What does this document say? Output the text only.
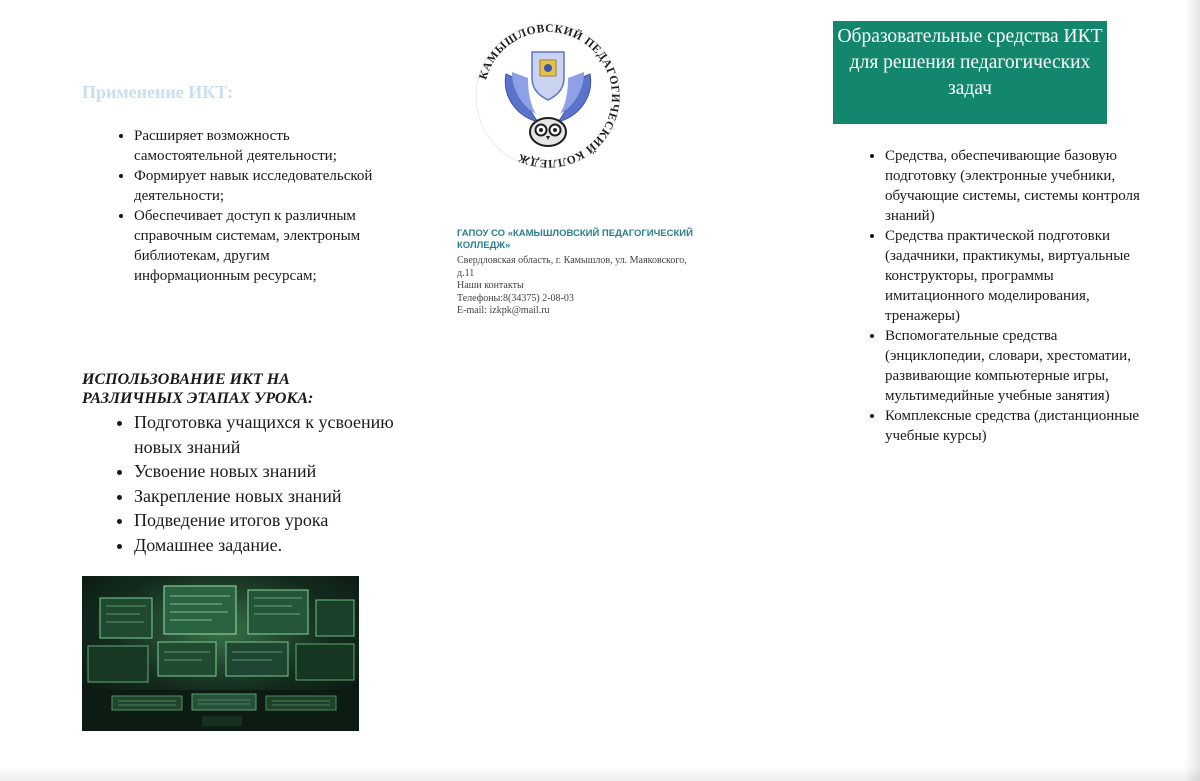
Применение ИКТ:
• Расширяет возможность самостоятельной деятельности;
• Формирует навык исследовательской деятельности;
• Обеспечивает доступ к различным справочным системам, электроным библиотекам, другим информационным ресурсам;
ИСПОЛЬЗОВАНИЕ ИКТ НА РАЗЛИЧНЫХ ЭТАПАХ УРОКА:
• Подготовка учащихся к усвоению новых знаний
• Усвоение новых знаний
• Закрепление новых знаний
• Подведение итогов урока
• Домашнее задание.
КАМЫШЛОВСКИЙ ПЕДАГОГИЧЕСКИЙ КОЛЛЕДЖ

ГАПОУ СО «КАМЫШЛОВСКИЙ ПЕДАГОГИЧЕСКИЙ КОЛЛЕДЖ»

Свердловская область, г. Камышлов, ул. Маяковского, д.11
Наши контакты
Телефоны:8(34375) 2-08-03
E-mail: izkpk@mail.ru
Образовательные средства ИКТ для решения педагогических задач
• Средства, обеспечивающие базовую подготовку (электронные учебники, обучающие системы, системы контроля знаний)
• Средства практической подготовки (задачники, практикумы, виртуальные конструкторы, программы имитационного моделирования, тренажеры)
• Вспомогательные средства (энциклопедии, словари, хрестоматии, развивающие компьютерные игры, мультимедийные учебные занятия)
• Комплексные средства (дистанционные учебные курсы)
